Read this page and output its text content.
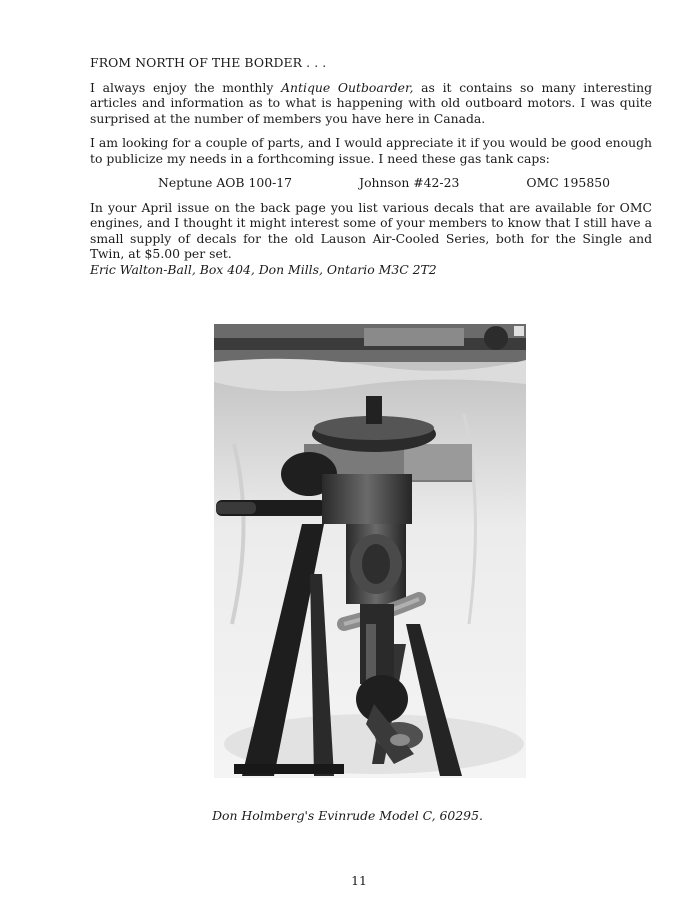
FROM NORTH OF THE BORDER . . .

I always enjoy the monthly Antique Outboarder, as it contains so many interesting articles and information as to what is happening with old outboard motors. I was quite surprised at the number of members you have here in Canada.

I am looking for a couple of parts, and I would appreciate it if you would be good enough to publicize my needs in a forthcoming issue. I need these gas tank caps:

Neptune AOB 100-17	Johnson #42-23	OMC 195850

In your April issue on the back page you list various decals that are available for OMC engines, and I thought it might interest some of your members to know that I still have a small supply of decals for the old Lauson Air-Cooled Series, both for the Single and Twin, at $5.00 per set.

Eric Walton-Ball, Box 404, Don Mills, Ontario M3C 2T2

Don Holmberg's Evinrude Model C, 60295.
11
